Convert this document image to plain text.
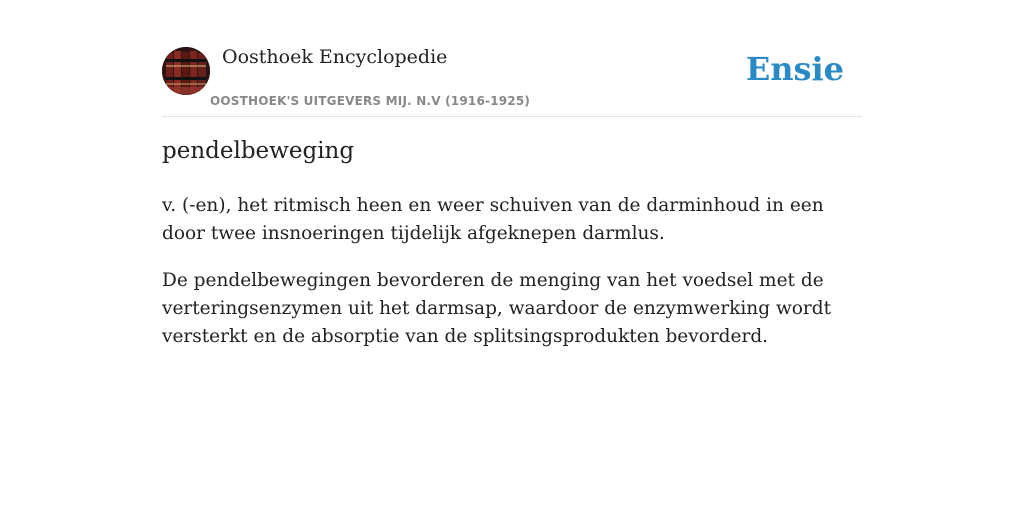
Oosthoek Encyclopedie
OOSTHOEK'S UITGEVERS MIJ. N.V (1916-1925)
Ensie
pendelbeweging

v. (-en), het ritmisch heen en weer schuiven van de darminhoud in een door twee insnoeringen tijdelijk afgeknepen darmlus.

De pendelbewegingen bevorderen de menging van het voedsel met de verteringsenzymen uit het darmsap, waardoor de enzymwerking wordt versterkt en de absorptie van de splitsingsprodukten bevorderd.
